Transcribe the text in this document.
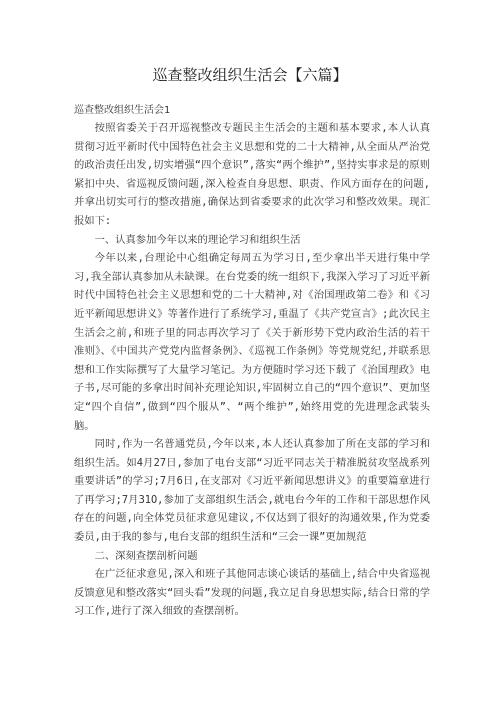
巡查整改组织生活会【六篇】
巡查整改组织生活会1

按照省委关于召开巡视整改专题民主生活会的主题和基本要求,本人认真贯彻习近平新时代中国特色社会主义思想和党的二十大精神,从全面从严治党的政治责任出发,切实增强“四个意识”,落实“两个维护”,坚持实事求是的原则紧扣中央、省巡视反馈问题,深入检查自身思想、职责、作风方面存在的问题,并拿出切实可行的整改措施,确保达到省委要求的此次学习和整改效果。现汇报如下:

一、认真参加今年以来的理论学习和组织生活

今年以来,台理论中心组确定每周五为学习日,至少拿出半天进行集中学习,我全部认真参加从未缺课。在台党委的统一组织下,我深入学习了习近平新时代中国特色社会主义思想和党的二十大精神,对《治国理政第二卷》和《习近平新闻思想讲义》等著作进行了系统学习,重温了《共产党宣言》;此次民主生活会之前,和班子里的同志再次学习了《关于新形势下党内政治生活的若干准则》、《中国共产党党内监督条例》、《巡视工作条例》等党规党纪,并联系思想和工作实际撰写了大量学习笔记。为方便随时学习还下载了《治国理政》电子书,尽可能的多拿出时间补充理论知识,牢固树立自己的“四个意识”、更加坚定“四个自信”,做到“四个服从”、“两个维护”,始终用党的先进理念武装头脑。

同时,作为一名普通党员,今年以来,本人还认真参加了所在支部的学习和组织生活。如4月27日,参加了电台支部“习近平同志关于精准脱贫攻坚战系列重要讲话”的学习;7月6日,在支部对《习近平新闻思想讲义》的重要篇章进行了再学习;7月31O,参加了支部组织生活会,就电台今年的工作和干部思想作风存在的问题,向全体党员征求意见建议,不仅达到了很好的沟通效果,作为党委委员,由于我的参与,电台支部的组织生活和“三会一课”更加规范

二、深刻查摆剖析问题

在广泛征求意见,深入和班子其他同志谈心谈话的基础上,结合中央省巡视反馈意见和整改落实“回头看”发现的问题,我立足自身思想实际,结合日常的学习工作,进行了深入细致的查摆剖析。
